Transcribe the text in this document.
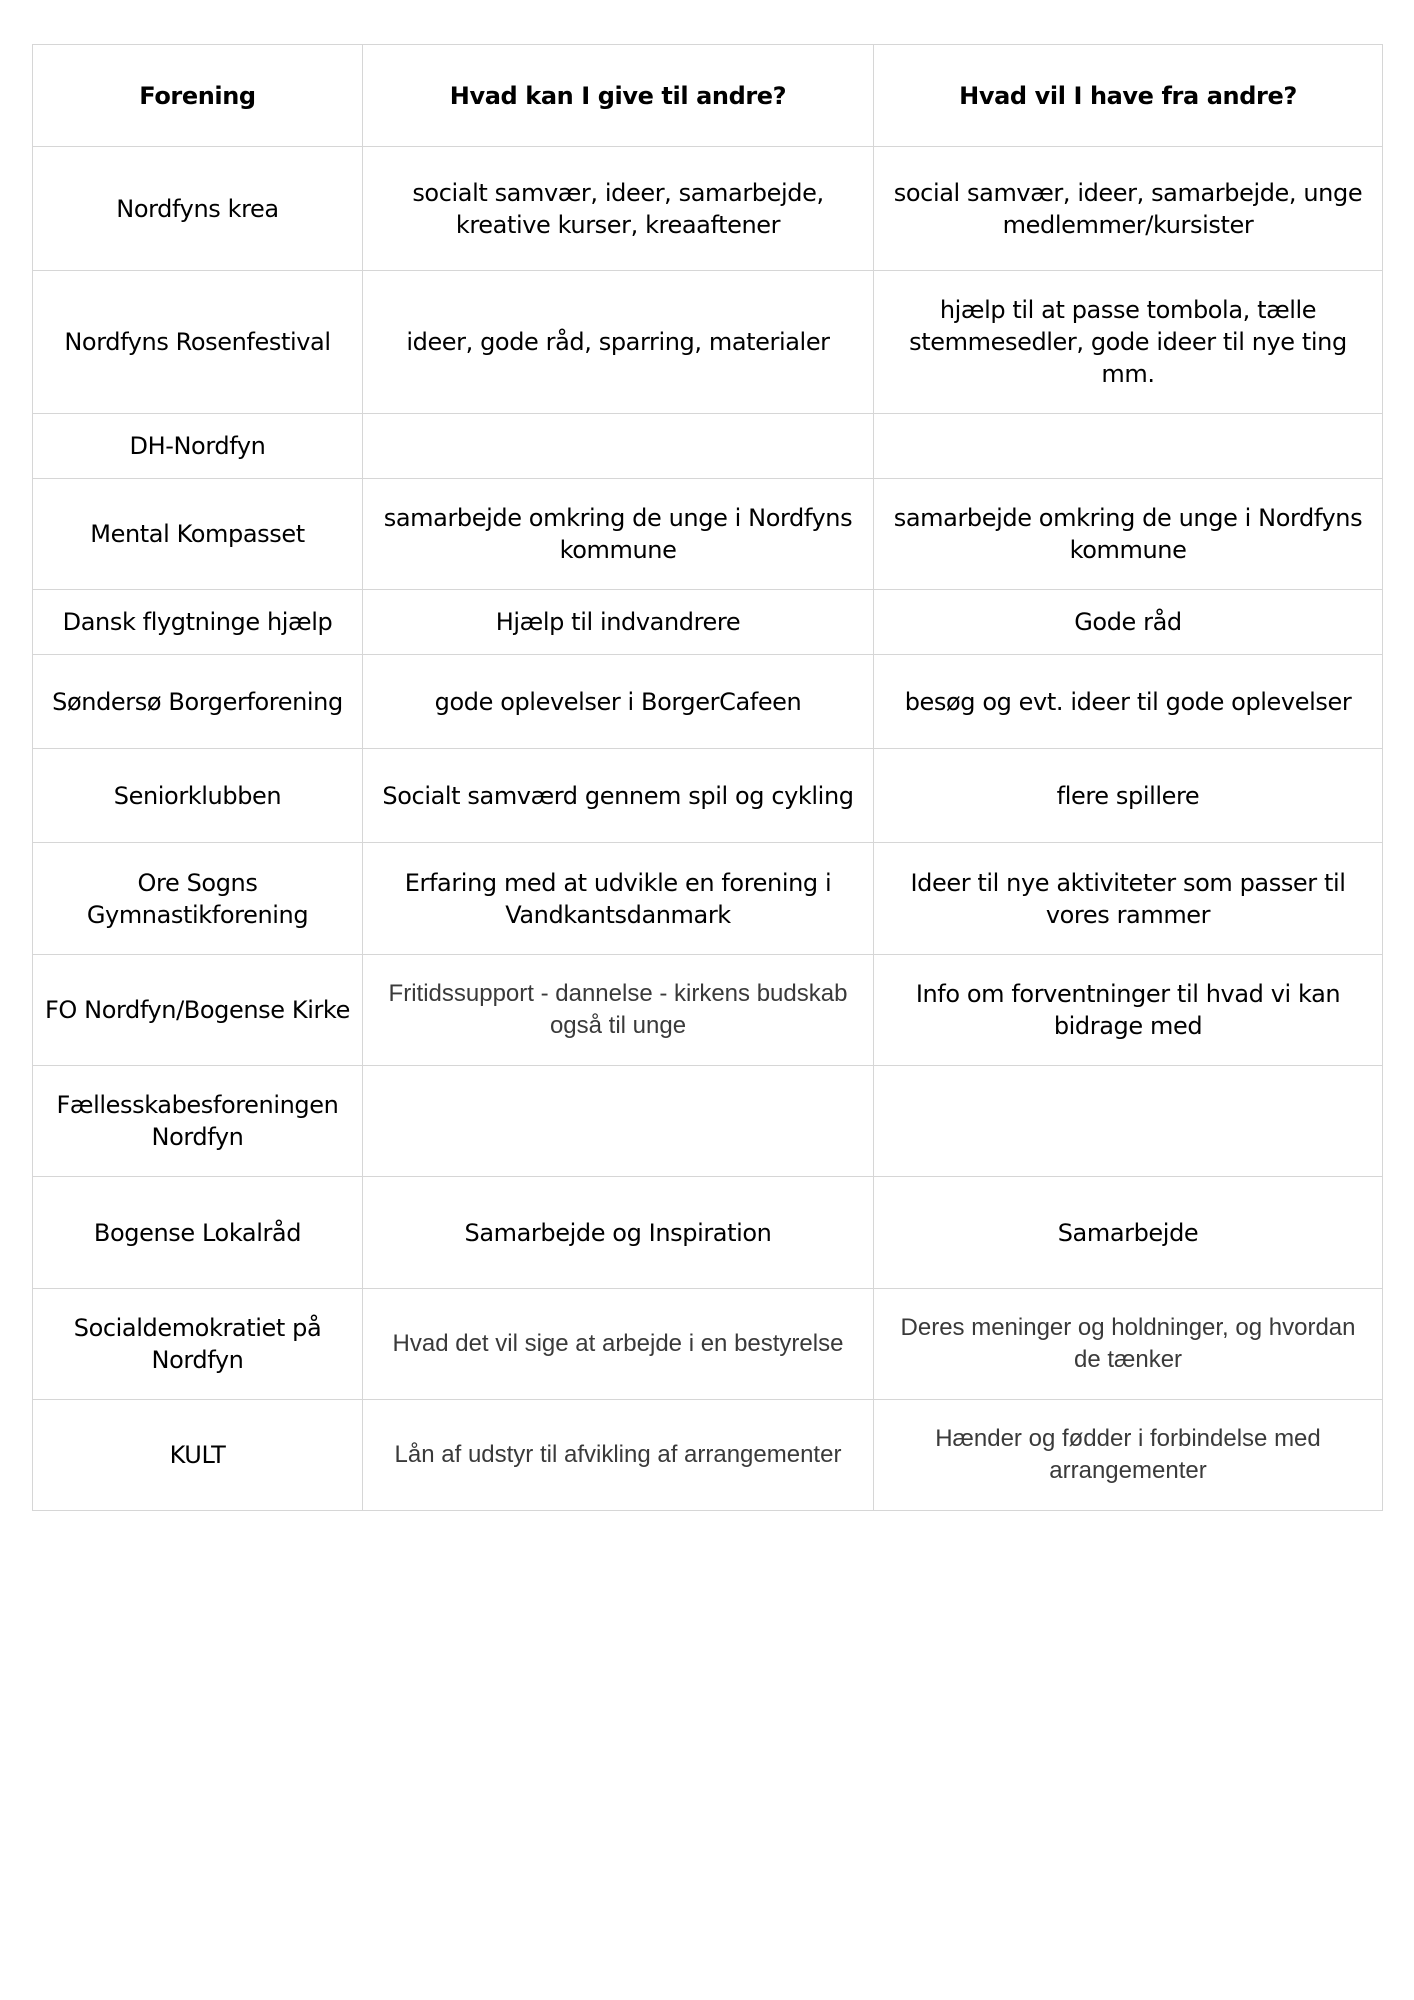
Forening	Hvad kan I give til andre?	Hvad vil I have fra andre?
Nordfyns krea	socialt samvær, ideer, samarbejde, kreative kurser, kreaaftener	social samvær, ideer, samarbejde, unge medlemmer/kursister
Nordfyns Rosenfestival	ideer, gode råd, sparring, materialer	hjælp til at passe tombola, tælle stemmesedler, gode ideer til nye ting mm.
DH-Nordfyn		
Mental Kompasset	samarbejde omkring de unge i Nordfyns kommune	samarbejde omkring de unge i Nordfyns kommune
Dansk flygtninge hjælp	Hjælp til indvandrere	Gode råd
Søndersø Borgerforening	gode oplevelser i BorgerCafeen	besøg og evt. ideer til gode oplevelser
Seniorklubben	Socialt samværd gennem spil og cykling	flere spillere
Ore Sogns Gymnastikforening	Erfaring med at udvikle en forening i Vandkantsdanmark	Ideer til nye aktiviteter som passer til vores rammer
FO Nordfyn/Bogense Kirke	Fritidssupport - dannelse - kirkens budskab også til unge	Info om forventninger til hvad vi kan bidrage med
Fællesskabesforeningen Nordfyn		
Bogense Lokalråd	Samarbejde og Inspiration	Samarbejde
Socialdemokratiet på Nordfyn	Hvad det vil sige at arbejde i en bestyrelse	Deres meninger og holdninger, og hvordan de tænker
KULT	Lån af udstyr til afvikling af arrangementer	Hænder og fødder i forbindelse med arrangementer
